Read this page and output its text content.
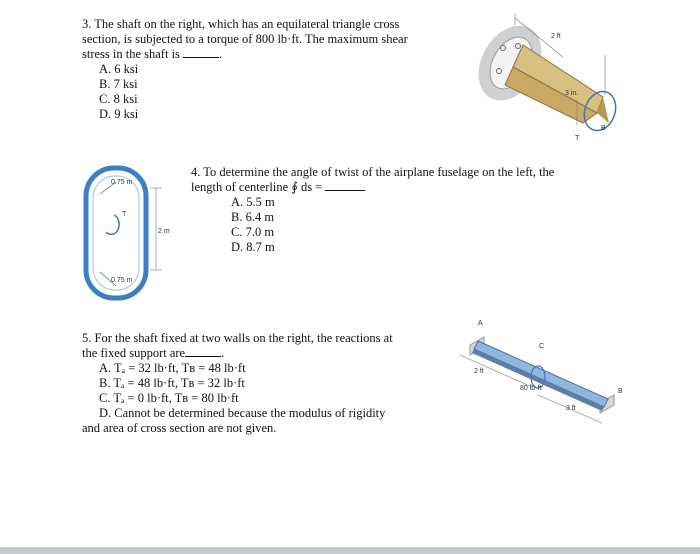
3. The shaft on the right, which has an equilateral triangle cross
section, is subjected to a torque of 800 lb·ft. The maximum shear
stress in the shaft is	.
A. 6 ksi
B. 7 ksi
C. 8 ksi
D. 9 ksi
2 ft
3 in.
T
B
4. To determine the angle of twist of the airplane fuselage on the left, the
length of centerline ∮ ds =
A. 5.5 m
B. 6.4 m
C. 7.0 m
D. 8.7 m
0.75 m
0.75 m
2 m
T
5. For the shaft fixed at two walls on the right, the reactions at
the fixed support are	.
A. Tₐ = 32 lb·ft, Tʙ = 48 lb·ft
B. Tₐ = 48 lb·ft, Tʙ = 32 lb·ft
C. Tₐ = 0 lb·ft, Tʙ = 80 lb·ft
D. Cannot be determined because the modulus of rigidity
and area of cross section are not given.
A
C
B
2 ft
80 lb·ft
3 ft
